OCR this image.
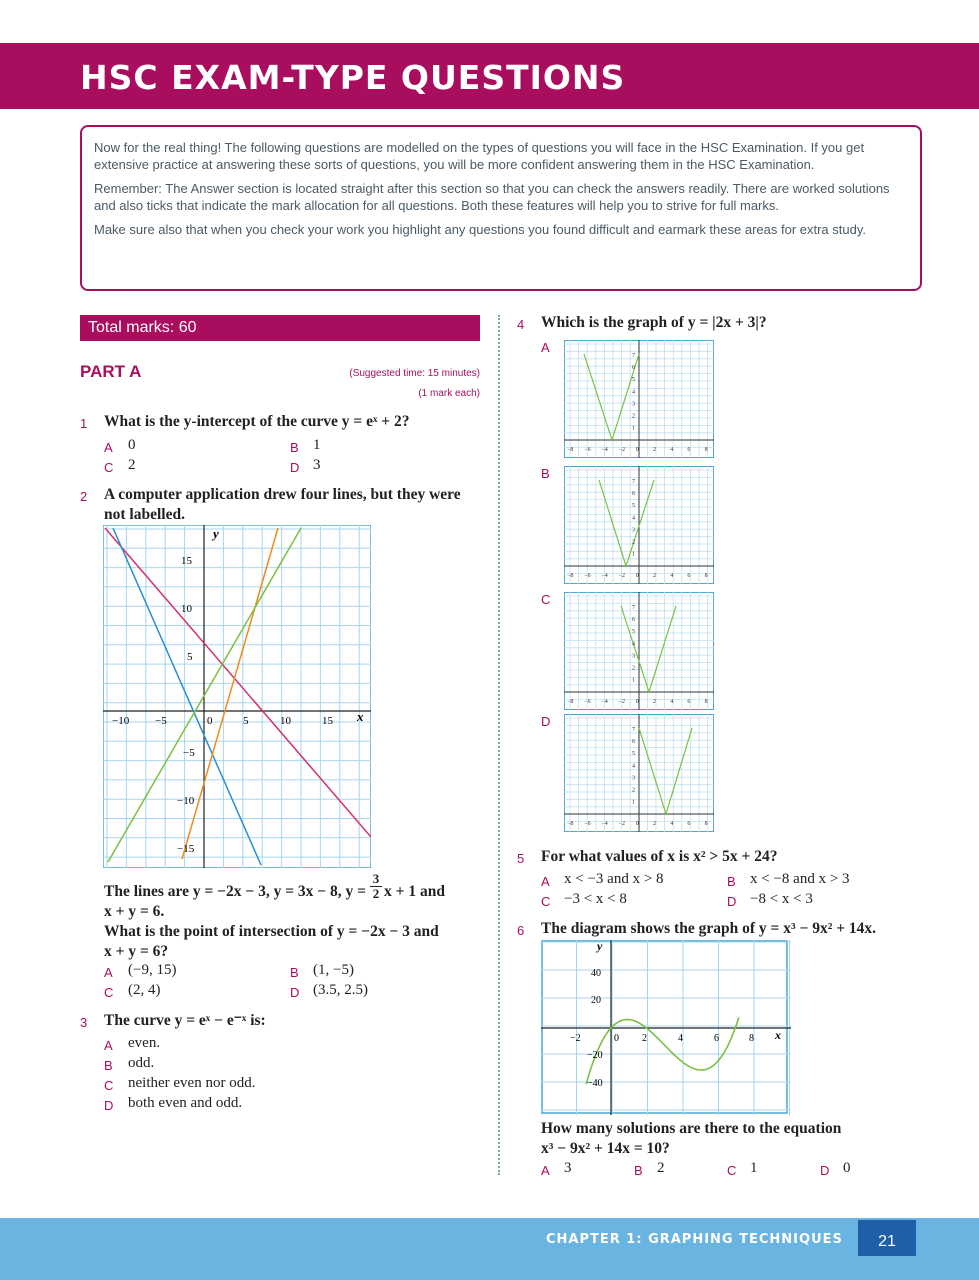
HSC EXAM-TYPE QUESTIONS

Now for the real thing! The following questions are modelled on the types of questions you will face in the HSC Examination. If you get extensive practice at answering these sorts of questions, you will be more confident answering them in the HSC Examination.

Remember: The Answer section is located straight after this section so that you can check the answers readily. There are worked solutions and also ticks that indicate the mark allocation for all questions. Both these features will help you to strive for full marks.

Make sure also that when you check your work you highlight any questions you found difficult and earmark these areas for extra study.

Total marks: 60
PART A	(Suggested time: 15 minutes)
(1 mark each)
1 What is the y-intercept of the curve y = eˣ + 2?
A 0	B 1
C 2	D 3
2 A computer application drew four lines, but they were
not labelled.
y
x
−10 −5	0	5	10	15
15
10
5
−5
−10
−15
The lines are y = −2x − 3, y = 3x − 8, $y = \frac{3}{2}$ x + 1 and
x + y = 6.
What is the point of intersection of y = −2x − 3 and
x + y = 6?
A (−9, 15)	B (1, −5)
C (2, 4)	D (3.5, 2.5)
3 The curve y = eˣ − e⁻ˣ is:
A even.
B odd.
C neither even nor odd.
D both even and odd.
4 Which is the graph of y = |2x + 3|?
A
−8 −6 −4 −2 0 2 4 6 8
7
6
5
4
3
2
1
B
−8 −6 −4 −2 0 2 4 6 8
7
6
5
4
3
2
1
C
−8 −6 −4 −2 0 2 4 6 8
7
6
5
4
3
2
1
D
−8 −6 −4 −2 0 2 4 6 8
7
6
5
4
3
2
1
5 For what values of x is x² > 5x + 24?
A x < −3 and x > 8	B x < −8 and x > 3
C −3 < x < 8	D −8 < x < 3
6 The diagram shows the graph of y = x³ − 9x² + 14x.
y
x
−2	0 2	4	6	8
40
20
−20
−40
How many solutions are there to the equation
x³ − 9x² + 14x = 10?
A 3	B 2	C 1	D 0
CHAPTER 1: GRAPHING TECHNIQUES	21
